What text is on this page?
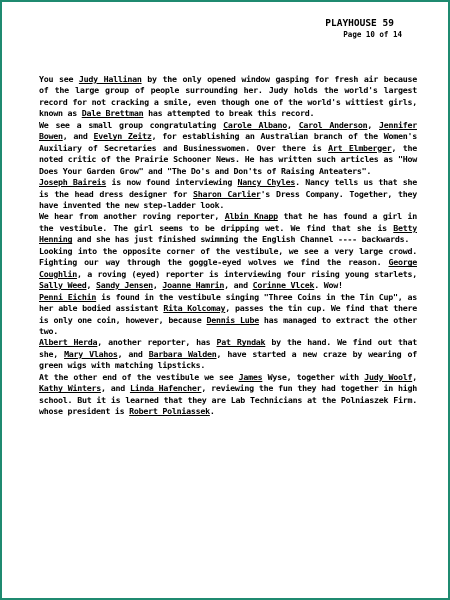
PLAYHOUSE 59
Page 10 of 14

You see Judy Hallinan by the only opened window gasping for fresh air because of the large group of people surrounding her. Judy holds the world's largest record for not cracking a smile, even though one of the world's wittiest girls, known as Dale Brettman has attempted to break this record.

We see a small group congratulating Carole Albano, Carol Anderson, Jennifer Bowen, and Evelyn Zeitz, for establishing an Australian branch of the Women's Auxiliary of Secretaries and Businesswomen. Over there is Art Elmberger, the noted critic of the Prairie Schooner News. He has written such articles as "How Does Your Garden Grow" and "The Do's and Don'ts of Raising Anteaters".

Joseph Baireis is now found interviewing Nancy Chyles. Nancy tells us that she is the head dress designer for Sharon Carlier's Dress Company. Together, they have invented the new step-ladder look.

We hear from another roving reporter, Albin Knapp that he has found a girl in the vestibule. The girl seems to be dripping wet. We find that she is Betty Henning and she has just finished swimming the English Channel ---- backwards.

Looking into the opposite corner of the vestibule, we see a very large crowd. Fighting our way through the goggle-eyed wolves we find the reason. George Coughlin, a roving (eyed) reporter is interviewing four rising young starlets, Sally Weed, Sandy Jensen, Joanne Hamrin, and Corinne Vlcek. Wow!

Penni Eichin is found in the vestibule singing "Three Coins in the Tin Cup", as her able bodied assistant Rita Kolcomay, passes the tin cup. We find that there is only one coin, however, because Dennis Lube has managed to extract the other two.

Albert Herda, another reporter, has Pat Ryndak by the hand. We find out that she, Mary Vlahos, and Barbara Walden, have started a new craze by wearing of green wigs with matching lipsticks.

At the other end of the vestibule we see James Wyse, together with Judy Woolf, Kathy Winters, and Linda Hafencher, reviewing the fun they had together in high school. But it is learned that they are Lab Technicians at the Polniaszek Firm. whose president is Robert Polniassek.
